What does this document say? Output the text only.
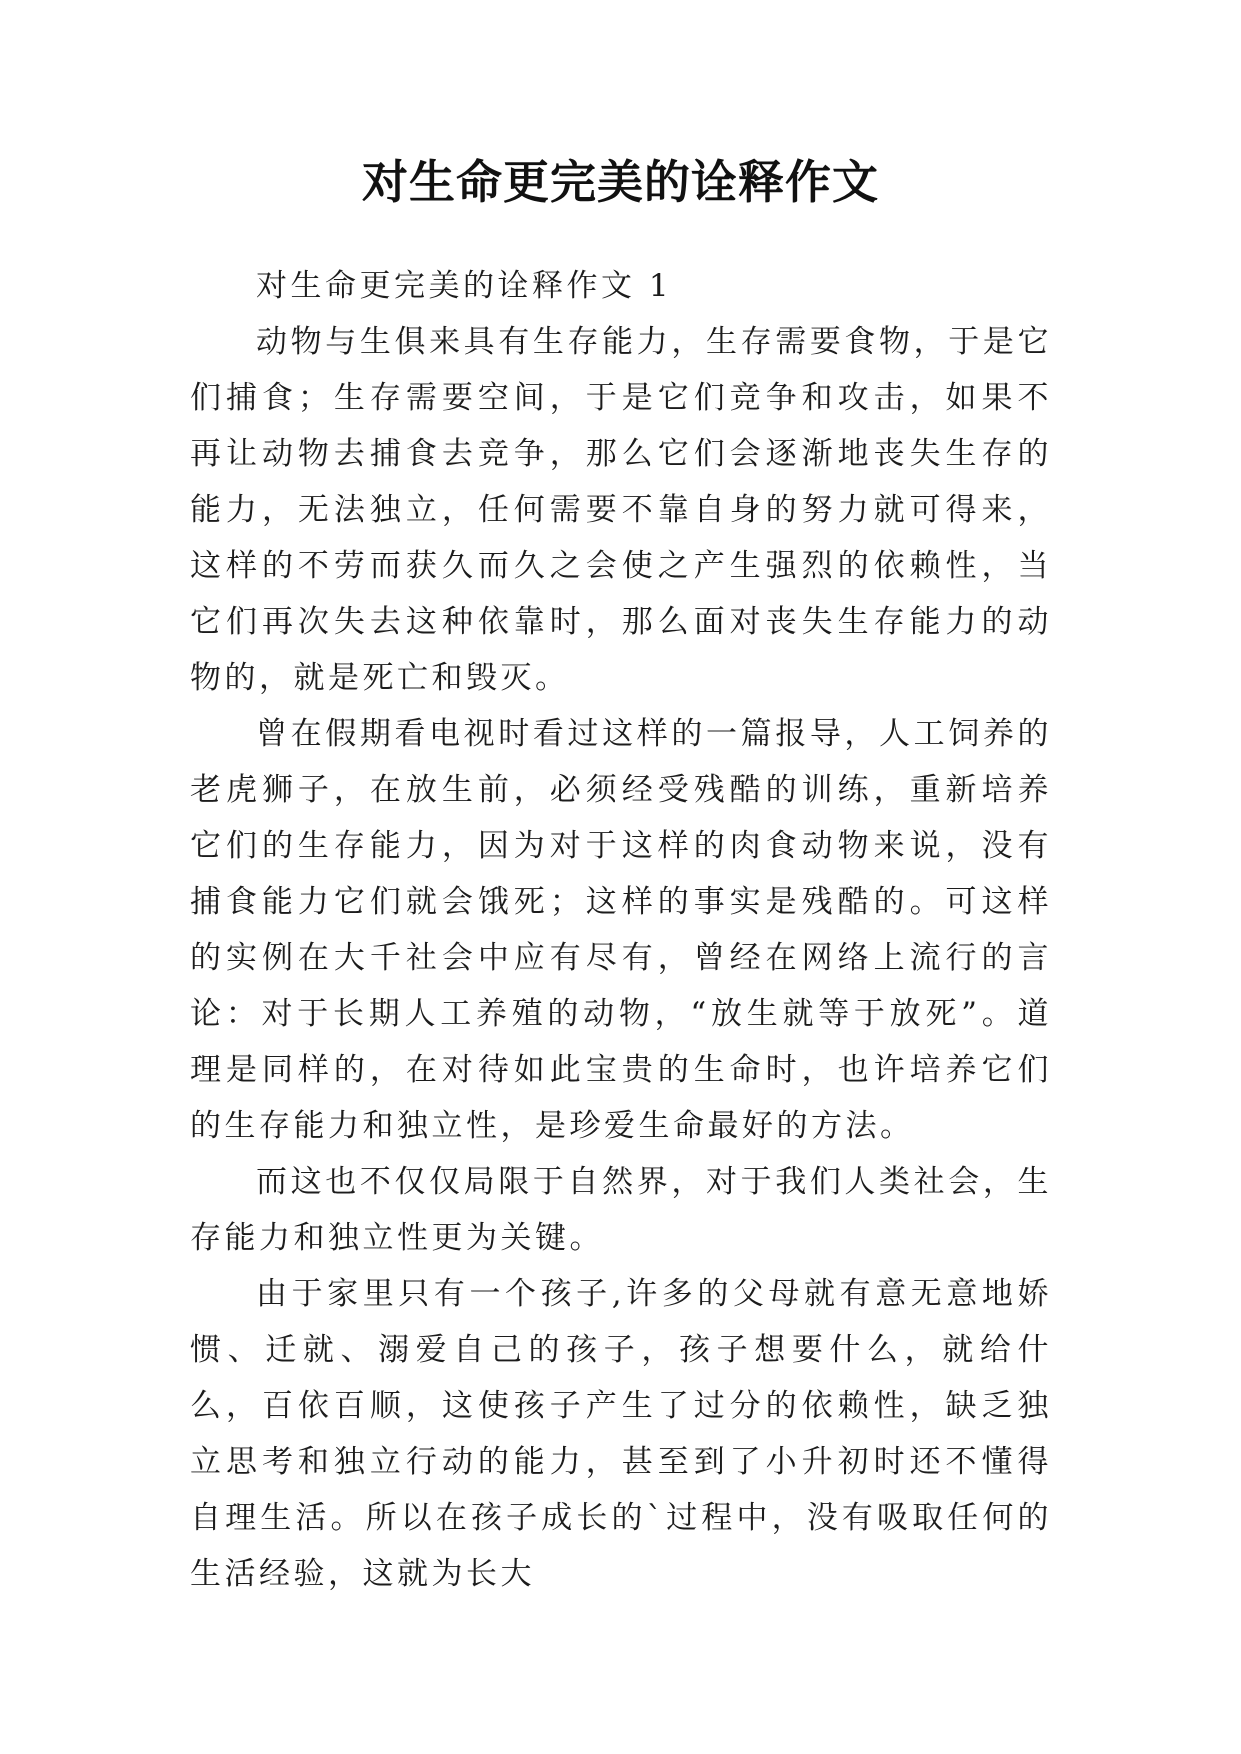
对生命更完美的诠释作文

对生命更完美的诠释作文 1

动物与生俱来具有生存能力，生存需要食物，于是它们捕食；生存需要空间，于是它们竞争和攻击，如果不再让动物去捕食去竞争，那么它们会逐渐地丧失生存的能力，无法独立，任何需要不靠自身的努力就可得来，这样的不劳而获久而久之会使之产生强烈的依赖性，当它们再次失去这种依靠时，那么面对丧失生存能力的动物的，就是死亡和毁灭。

曾在假期看电视时看过这样的一篇报导，人工饲养的老虎狮子，在放生前，必须经受残酷的训练，重新培养它们的生存能力，因为对于这样的肉食动物来说，没有捕食能力它们就会饿死；这样的事实是残酷的。可这样的实例在大千社会中应有尽有，曾经在网络上流行的言论：对于长期人工养殖的动物，“放生就等于放死”。道理是同样的，在对待如此宝贵的生命时，也许培养它们的生存能力和独立性，是珍爱生命最好的方法。

而这也不仅仅局限于自然界，对于我们人类社会，生存能力和独立性更为关键。

由于家里只有一个孩子,许多的父母就有意无意地娇惯、迁就、溺爱自己的孩子，孩子想要什么，就给什么，百依百顺，这使孩子产生了过分的依赖性，缺乏独立思考和独立行动的能力，甚至到了小升初时还不懂得自理生活。所以在孩子成长的`过程中，没有吸取任何的生活经验，这就为长大
